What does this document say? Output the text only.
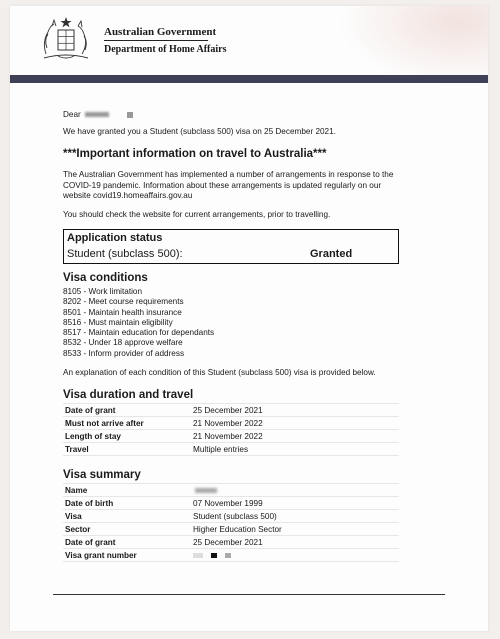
Australian Government
Department of Home Affairs
Dear
We have granted you a Student (subclass 500) visa on 25 December 2021.
***Important information on travel to Australia***
The Australian Government has implemented a number of arrangements in response to the
COVID-19 pandemic. Information about these arrangements is updated regularly on our
website covid19.homeaffairs.gov.au
You should check the website for current arrangements, prior to travelling.
Application status
Student (subclass 500):	Granted
Visa conditions
8105 - Work limitation
8202 - Meet course requirements
8501 - Maintain health insurance
8516 - Must maintain eligibility
8517 - Maintain education for dependants
8532 - Under 18 approve welfare
8533 - Inform provider of address
An explanation of each condition of this Student (subclass 500) visa is provided below.
Visa duration and travel
Date of grant	25 December 2021
Must not arrive after	21 November 2022
Length of stay	21 November 2022
Travel	Multiple entries
Visa summary
Name	
Date of birth	07 November 1999
Visa	Student (subclass 500)
Sector	Higher Education Sector
Date of grant	25 December 2021
Visa grant number	
